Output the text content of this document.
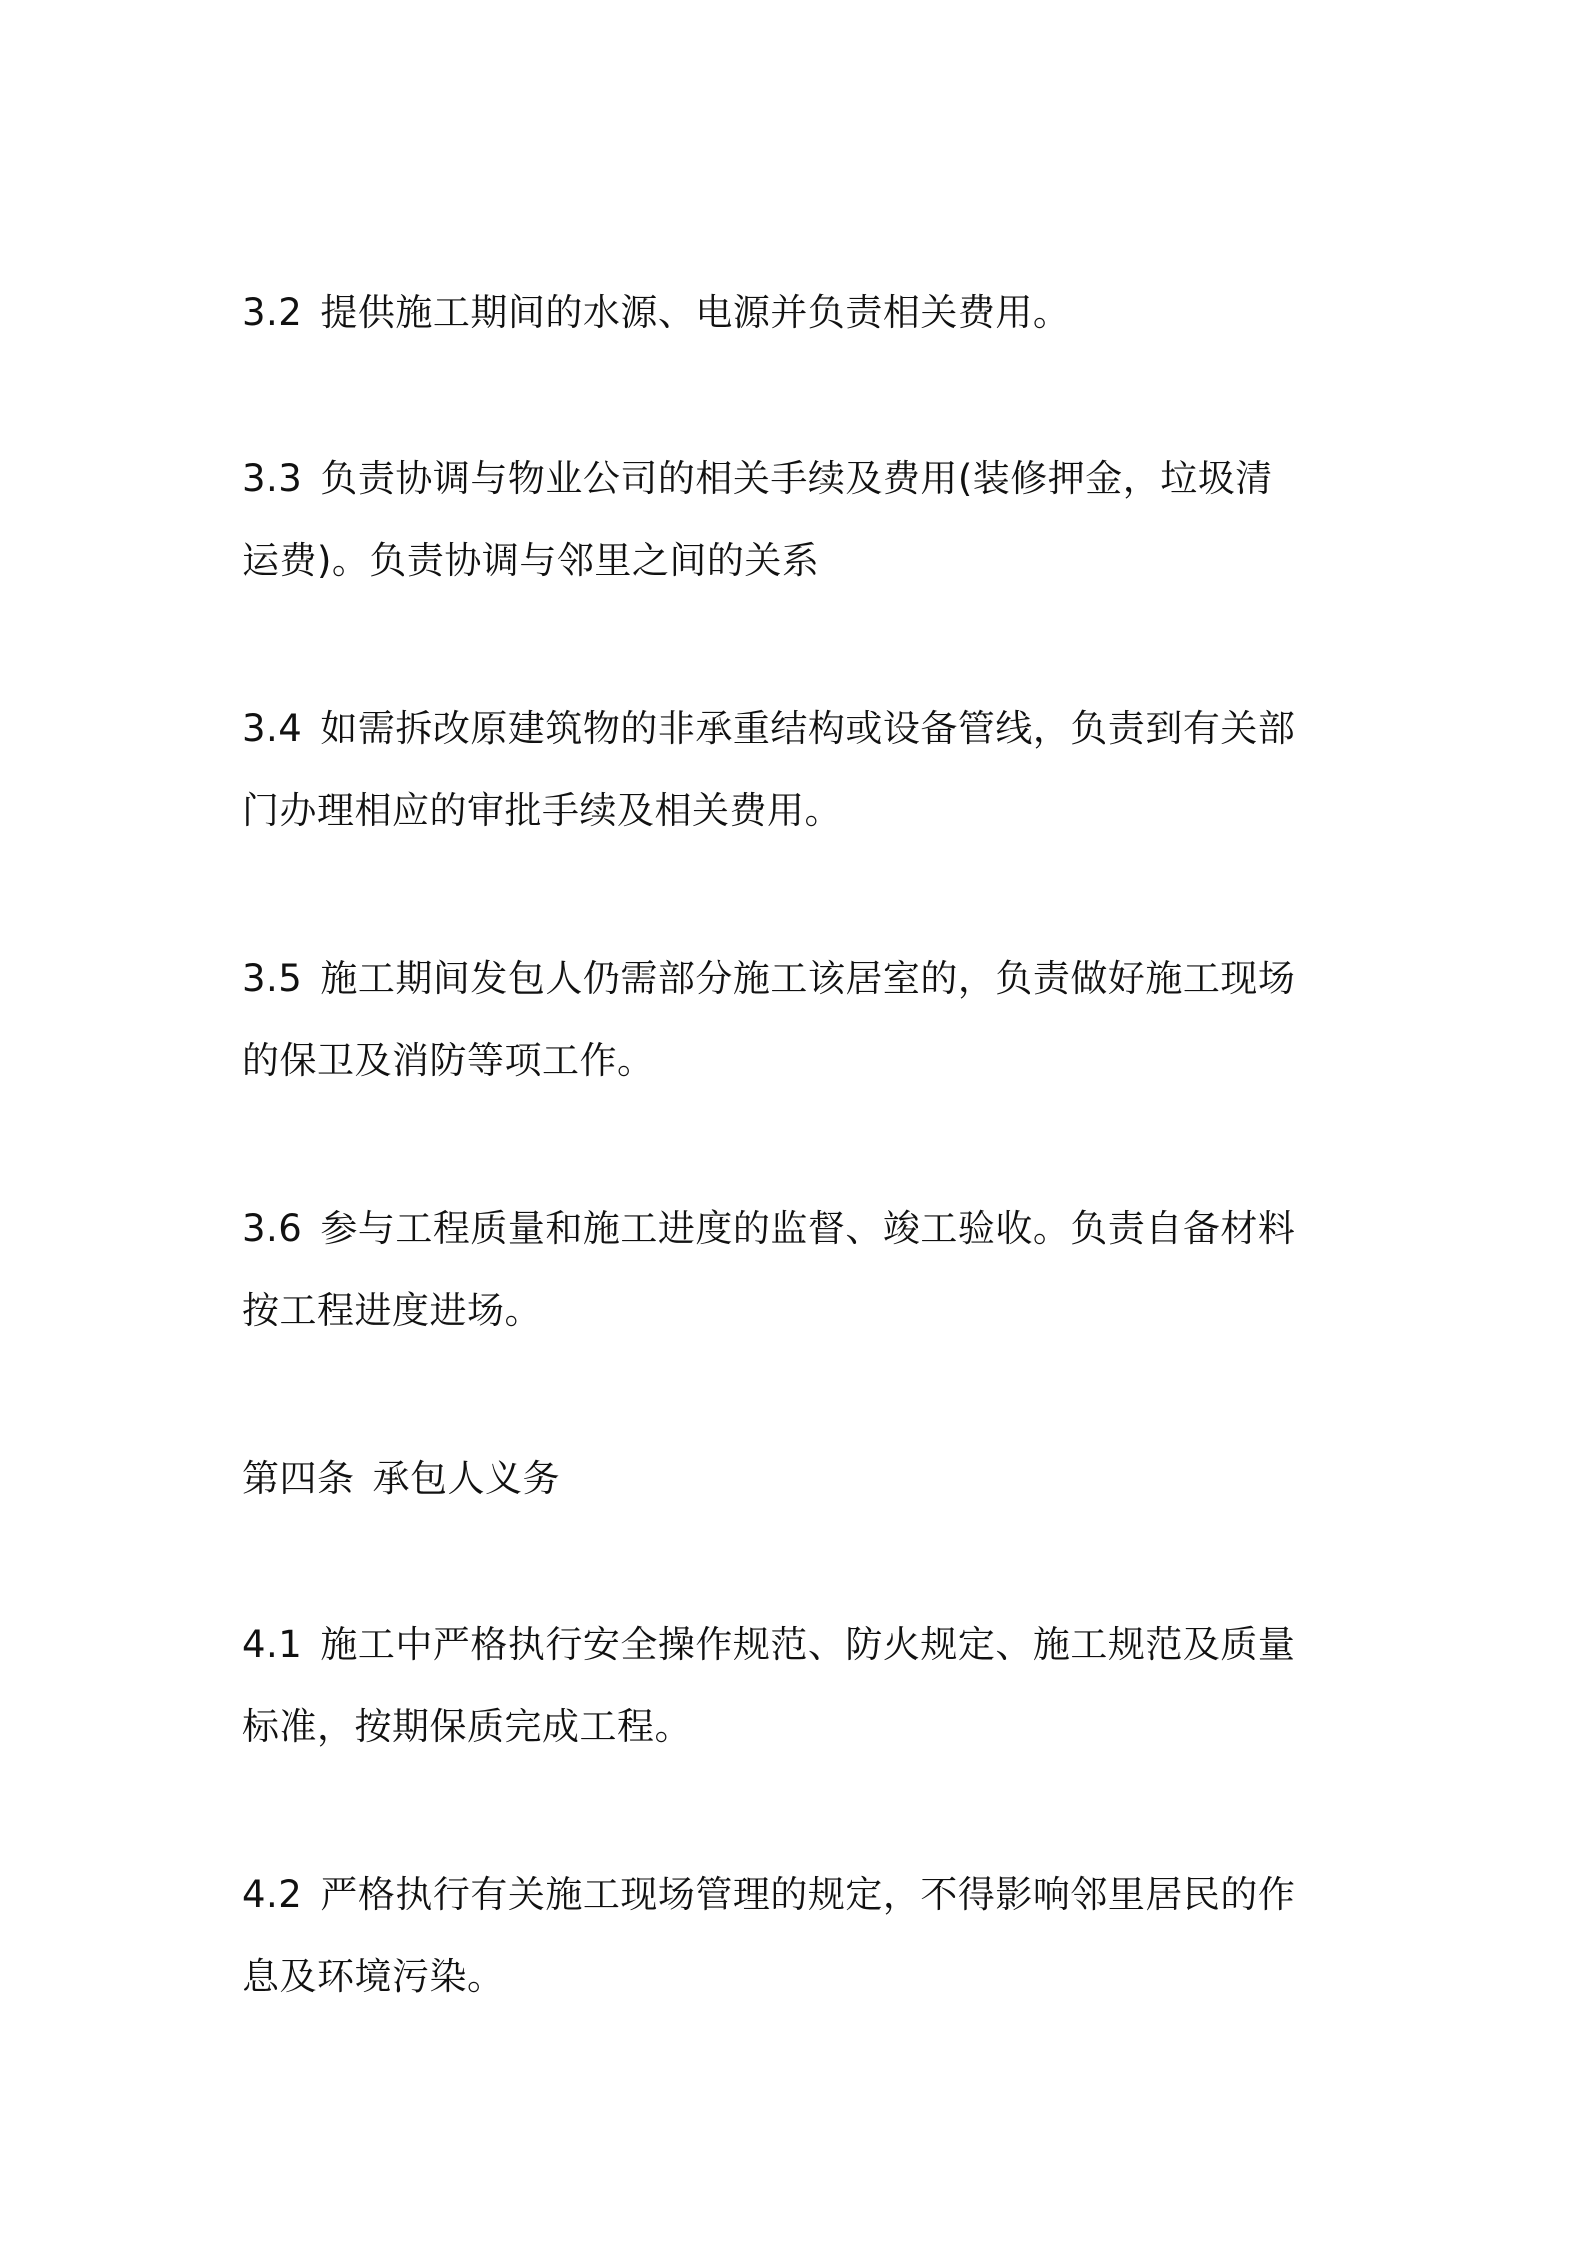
3.2 提供施工期间的水源、电源并负责相关费用。

3.3 负责协调与物业公司的相关手续及费用(装修押金，垃圾清
运费)。负责协调与邻里之间的关系

3.4 如需拆改原建筑物的非承重结构或设备管线，负责到有关部
门办理相应的审批手续及相关费用。

3.5 施工期间发包人仍需部分施工该居室的，负责做好施工现场
的保卫及消防等项工作。

3.6 参与工程质量和施工进度的监督、竣工验收。负责自备材料
按工程进度进场。

第四条 承包人义务

4.1 施工中严格执行安全操作规范、防火规定、施工规范及质量
标准，按期保质完成工程。

4.2 严格执行有关施工现场管理的规定，不得影响邻里居民的作
息及环境污染。
